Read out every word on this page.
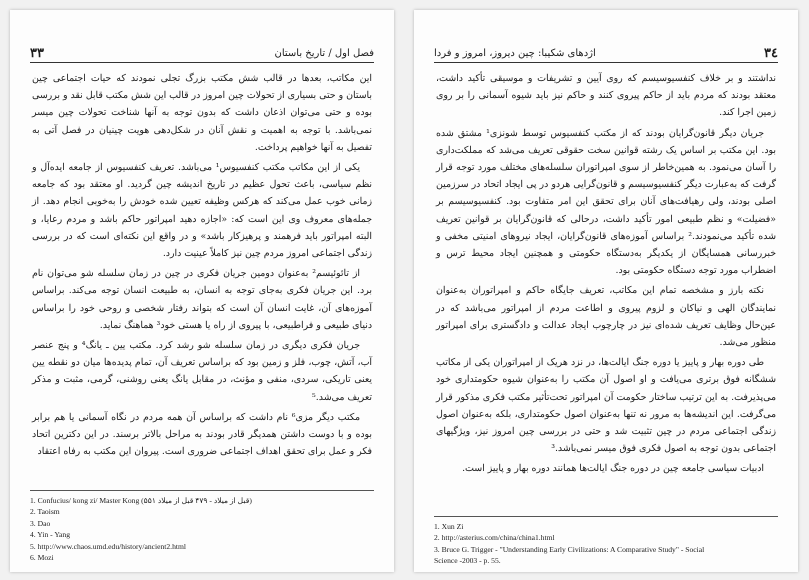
٣٣	فصل اول / تاریخ باستان

این مکاتب، بعدها در قالب شش مکتب بزرگ تجلی نمودند که حیات اجتماعی چین باستان و حتی بسیاری از تحولات چین امروز در قالب این شش مکتب قابل نقد و بررسی بوده و حتی می‌توان اذعان داشت که بدون توجه به آنها شناخت تحولات چین میسر نمی‌باشد. با توجه به اهمیت و نقش آنان در شکل‌دهی هویت چینیان در فصل آتی به تفصیل به آنها خواهیم پرداخت.

یکی از این مکاتب مکتب کنفسیوس¹ می‌باشد. تعریف کنفسیوس از جامعه ایده‌آل و نظم سیاسی، باعث تحول عظیم در تاریخ اندیشه چین گردید. او معتقد بود که جامعه زمانی خوب عمل می‌کند که هرکس وظیفه تعیین شده خودش را به‌خوبی انجام دهد. از جمله‌های معروف وی این است که: «اجازه دهید امپراتور حاکم باشد و مردم رعایا، و البته امپراتور باید فرهمند و پرهیزکار باشد» و در واقع این نکته‌ای است که در بررسی زندگی اجتماعی امروز مردم چین نیز کاملاً عینیت دارد.

از تائوئیسم² به‌عنوان دومین جریان فکری در چین در زمان سلسله شو می‌توان نام برد. این جریان فکری به‌جای توجه به انسان، به طبیعت انسان توجه می‌کند. براساس آموزه‌های آن، غایت انسان آن است که بتواند رفتار شخصی و روحی خود را براساس دنیای طبیعی و فراطبیعی، با پیروی از راه یا هستی خود³ هماهنگ نماید.

جریان فکری دیگری در زمان سلسله شو رشد کرد. مکتب یین ـ یانگ⁴ و پنج عنصر آب، آتش، چوب، فلز و زمین بود که براساس تعریف آن، تمام پدیده‌ها میان دو نقطه یین یعنی تاریکی، سردی، منفی و مؤنث، در مقابل یانگ یعنی روشنی، گرمی، مثبت و مذکر تعریف می‌شد.⁵

مکتب دیگر مزی⁶ نام داشت که براساس آن همه مردم در نگاه آسمانی یا هم برابر بوده و با دوست داشتن همدیگر قادر بودند به مراحل بالاتر برسند. در این دکترین اتحاد فکر و عمل برای تحقق اهداف اجتماعی ضروری است. پیروان این مکتب به رفاه اعتقاد

1. Confucius/ kong zi/ Master Kong (۵۵۱ قبل از میلاد - ۴۷۹ قبل از میلاد)
2. Taoism
3. Dao
4. Yin - Yang
5. http://www.chaos.umd.edu/history/ancient2.html
6. Mozi
اژدهای شکیبا: چین دیروز، امروز و فردا	٣٤

نداشتند و بر خلاف کنفسیوسیسم که روی آیین و تشریفات و موسیقی تأکید داشت، معتقد بودند که مردم باید از حاکم پیروی کنند و حاکم نیز باید شیوه آسمانی را بر روی زمین اجرا کند.

جریان دیگر قانون‌گرایان بودند که از مکتب کنفسیوس توسط شونزی¹ مشتق شده بود. این مکتب بر اساس یک رشته قوانین سخت حقوقی تعریف می‌شد که مملکت‌داری را آسان می‌نمود. به همین‌خاطر از سوی امپراتوران سلسله‌های مختلف مورد توجه قرار گرفت که به‌عبارت دیگر کنفسیوسیسم و قانون‌گرایی هردو در پی ایجاد اتحاد در سرزمین اصلی بودند، ولی رهیافت‌های آنان برای تحقق این امر متفاوت بود. کنفسیوسیسم بر «فضیلت» و نظم طبیعی امور تأکید داشت، درحالی که قانون‌گرایان بر قوانین تعریف شده تأکید می‌نمودند.² براساس آموزه‌های قانون‌گرایان، ایجاد نیروهای امنیتی مخفی و خبررسانی همسایگان از یکدیگر به‌دستگاه حکومتی و همچنین ایجاد محیط ترس و اضطراب مورد توجه دستگاه حکومتی بود.

نکته بارز و مشخصه تمام این مکاتب، تعریف جایگاه حاکم و امپراتوران به‌عنوان نمایندگان الهی و نیاکان و لزوم پیروی و اطاعت مردم از امپراتور می‌باشد که در عین‌حال وظایف تعریف شده‌ای نیز در چارچوب ایجاد عدالت و دادگستری برای امپراتور منظور می‌شد.

طی دوره بهار و پاییز یا دوره جنگ ایالت‌ها، در نزد هریک از امپراتوران یکی از مکاتب ششگانه فوق برتری می‌یافت و او اصول آن مکتب را به‌عنوان شیوه حکومتداری خود می‌پذیرفت. به این ترتیب ساختار حکومت آن امپراتور تحت‌تأثیر مکتب فکری مذکور قرار می‌گرفت. این اندیشه‌ها به مرور نه تنها به‌عنوان اصول حکومتداری، بلکه به‌عنوان اصول زندگی اجتماعی مردم در چین تثبیت شد و حتی در بررسی چین امروز نیز، ویژگیهای اجتماعی بدون توجه به اصول فکری فوق میسر نمی‌باشد.³

ادبیات سیاسی جامعه چین در دوره جنگ ایالت‌ها همانند دوره بهار و پاییز است.

1. Xun Zi
2. http://asterius.com/china/china1.html
3. Bruce G. Trigger - "Understanding Early Civilizations: A Comparative Study" - Social
Science -2003 - p. 55.
